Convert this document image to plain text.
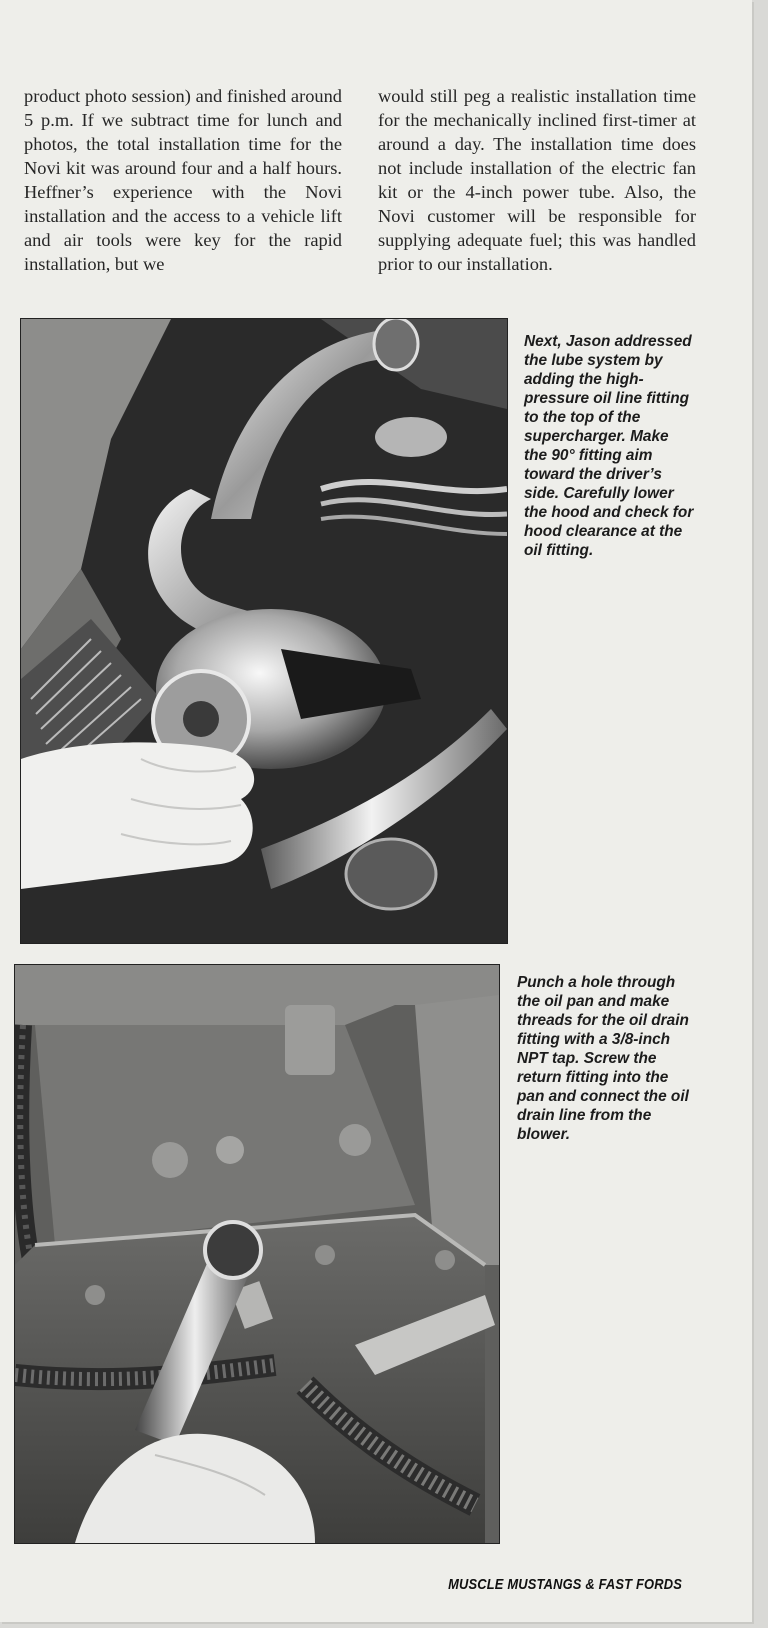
product photo session) and finished around 5 p.m. If we subtract time for lunch and photos, the total installation time for the Novi kit was around four and a half hours. Heffner’s experience with the Novi installation and the access to a vehicle lift and air tools were key for the rapid installation, but we
would still peg a realistic installation time for the mechanically inclined first-timer at around a day. The installation time does not include installation of the electric fan kit or the 4-inch power tube. Also, the Novi customer will be responsible for supplying adequate fuel; this was handled prior to our installation.
Next, Jason addressed the lube system by adding the high-pressure oil line fitting to the top of the supercharger. Make the 90° fitting aim toward the driver’s side. Carefully lower the hood and check for hood clearance at the oil fitting.
Punch a hole through the oil pan and make threads for the oil drain fitting with a 3/8-inch NPT tap. Screw the return fitting into the pan and connect the oil drain line from the blower.
MUSCLE MUSTANGS & FAST FORDS
